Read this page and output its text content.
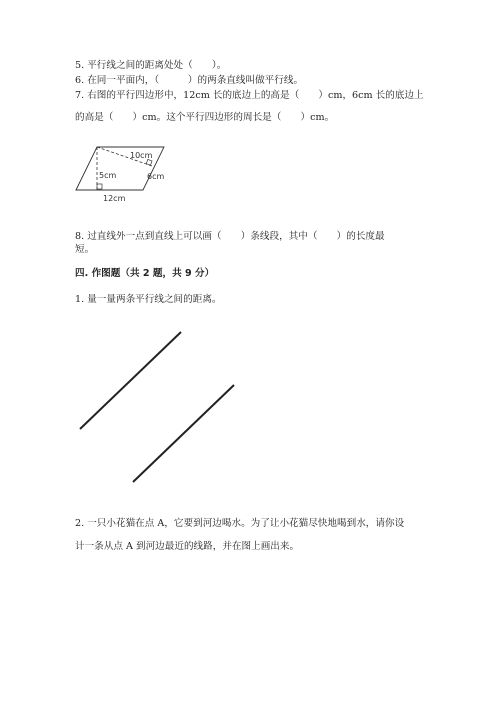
5. 平行线之间的距离处处（　　）。
6. 在同一平面内，（　　　）的两条直线叫做平行线。
7. 右图的平行四边形中，12cm 长的底边上的高是（　　）cm，6cm 长的底边上
的高是（　　）cm。这个平行四边形的周长是（　　）cm。
10cm
5cm	6cm
12cm
8. 过直线外一点到直线上可以画（　　）条线段，其中（　　）的长度最
短。
四. 作图题（共 2 题，共 9 分）
1. 量一量两条平行线之间的距离。
2. 一只小花猫在点 A，它要到河边喝水。为了让小花猫尽快地喝到水，请你设
计一条从点 A 到河边最近的线路，并在图上画出来。
